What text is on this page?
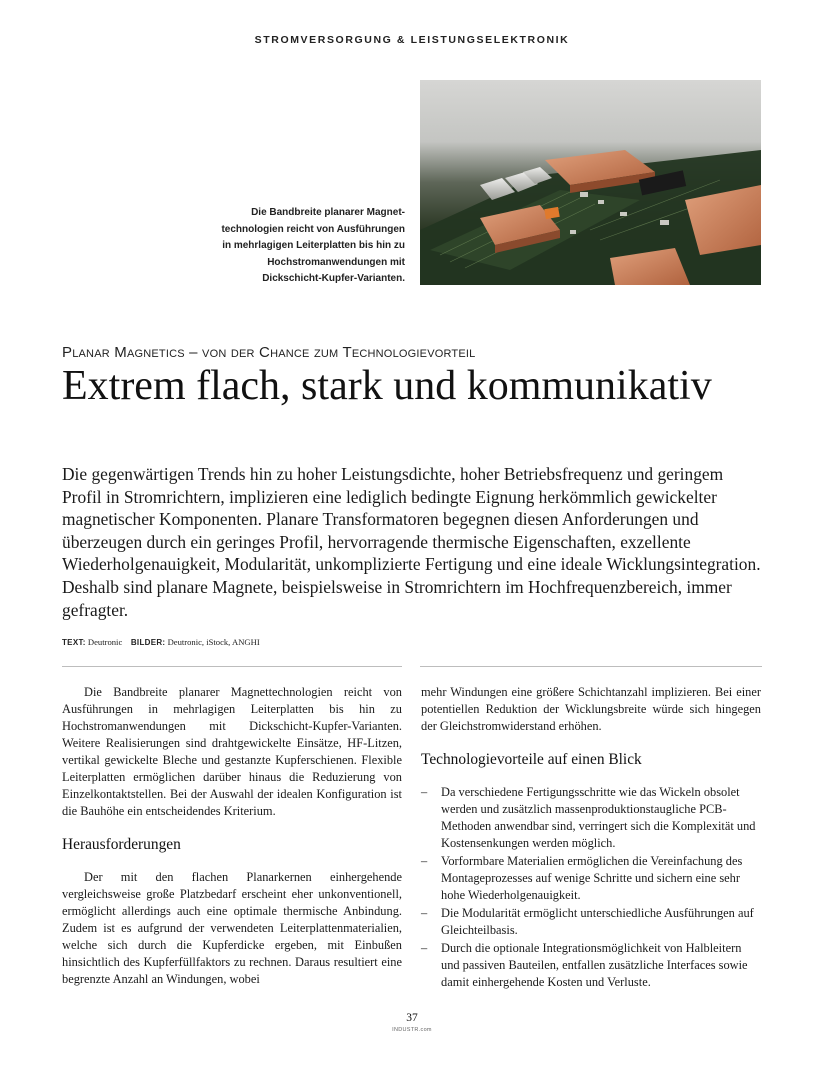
STROMVERSORGUNG & LEISTUNGSELEKTRONIK
Die Bandbreite planarer Magnettechnologien reicht von Ausführungen in mehrlagigen Leiterplatten bis hin zu Hochstromanwendungen mit Dickschicht-Kupfer-Varianten.
Planar Magnetics – von der Chance zum Technologievorteil
Extrem flach, stark und kommunikativ

Die gegenwärtigen Trends hin zu hoher Leistungsdichte, hoher Betriebsfrequenz und geringem Profil in Stromrichtern, implizieren eine lediglich bedingte Eignung herkömmlich gewickelter magnetischer Komponenten. Planare Transformatoren begegnen diesen Anforderungen und überzeugen durch ein geringes Profil, hervorragende thermische Eigenschaften, exzellente Wiederholgenauigkeit, Modularität, unkomplizierte Fertigung und eine ideale Wicklungsintegration. Deshalb sind planare Magnete, beispielsweise in Stromrichtern im Hochfrequenzbereich, immer gefragter.

TEXT: Deutronic BILDER: Deutronic, iStock, ANGHI

Die Bandbreite planarer Magnettechnologien reicht von Ausführungen in mehrlagigen Leiterplatten bis hin zu Hochstromanwendungen mit Dickschicht-Kupfer-Varianten. Weitere Realisierungen sind drahtgewickelte Einsätze, HF-Litzen, vertikal gewickelte Bleche und gestanzte Kupferschienen. Flexible Leiterplatten ermöglichen darüber hinaus die Reduzierung von Einzelkontaktstellen. Bei der Auswahl der idealen Konfiguration ist die Bauhöhe ein entscheidendes Kriterium.

Herausforderungen

Der mit den flachen Planarkernen einhergehende vergleichsweise große Platzbedarf erscheint eher unkonventionell, ermöglicht allerdings auch eine optimale thermische Anbindung. Zudem ist es aufgrund der verwendeten Leiterplattenmaterialien, welche sich durch die Kupferdicke ergeben, mit Einbußen hinsichtlich des Kupferfüllfaktors zu rechnen. Daraus resultiert eine begrenzte Anzahl an Windungen, wobei

mehr Windungen eine größere Schichtanzahl implizieren. Bei einer potentiellen Reduktion der Wicklungsbreite würde sich hingegen der Gleichstromwiderstand erhöhen.

Technologievorteile auf einen Blick
– Da verschiedene Fertigungsschritte wie das Wickeln obsolet werden und zusätzlich massenproduktionstaugliche PCB-Methoden anwendbar sind, verringert sich die Komplexität und Kostensenkungen werden möglich.
– Vorformbare Materialien ermöglichen die Vereinfachung des Montageprozesses auf wenige Schritte und sichern eine sehr hohe Wiederholgenauigkeit.
– Die Modularität ermöglicht unterschiedliche Ausführungen auf Gleichteilbasis.
– Durch die optionale Integrationsmöglichkeit von Halbleitern und passiven Bauteilen, entfallen zusätzliche Interfaces sowie damit einhergehende Kosten und Verluste.
37
INDUSTR.com
